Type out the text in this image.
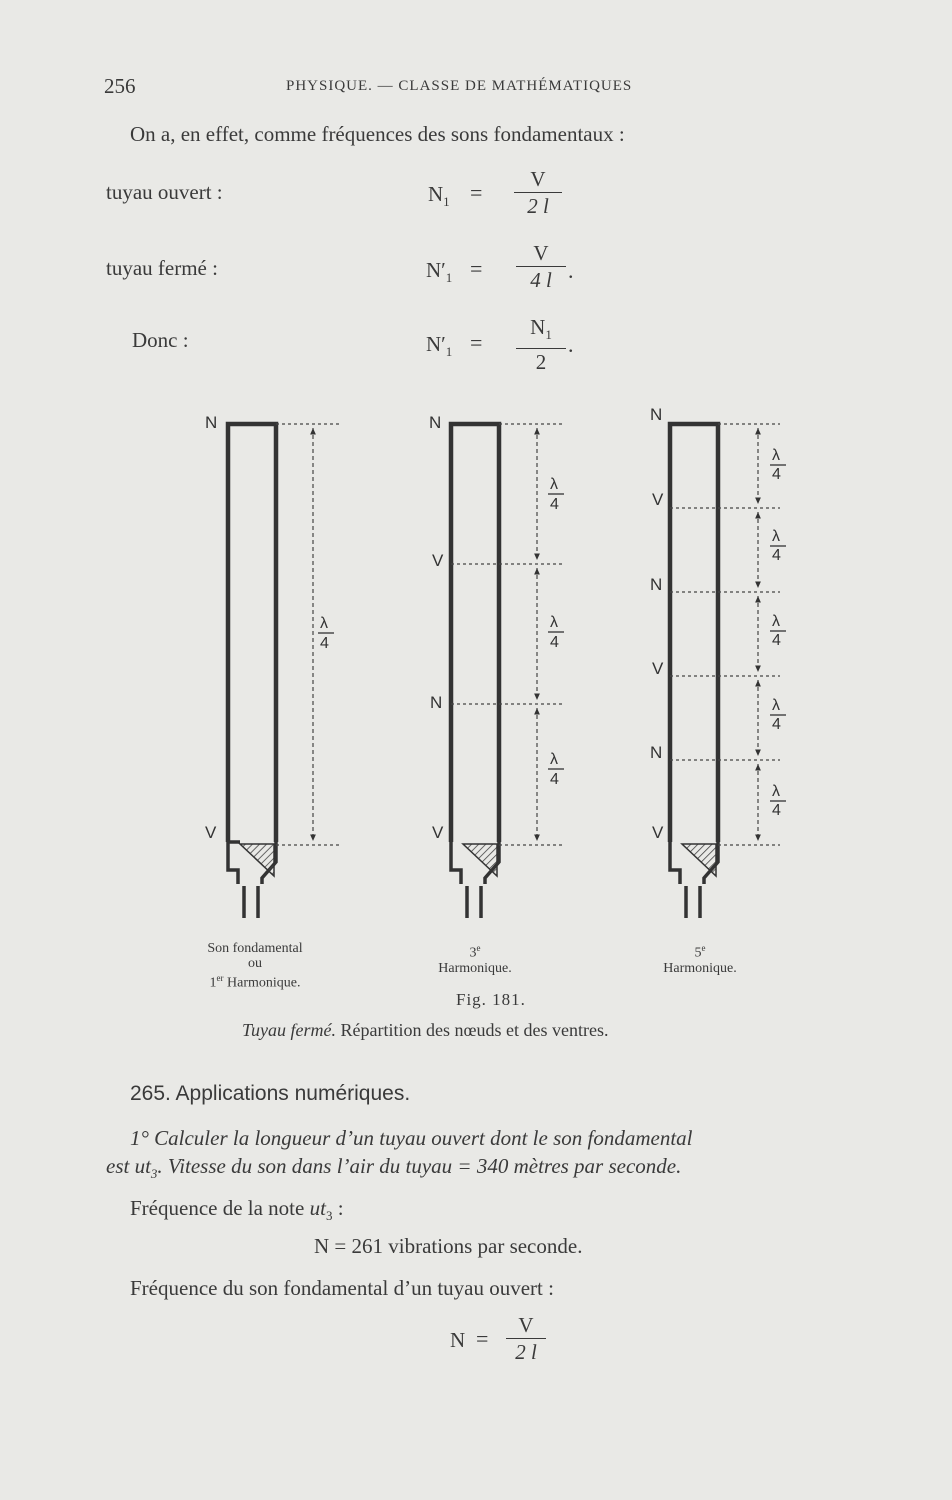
256	PHYSIQUE. — CLASSE DE MATHÉMATIQUES
On a, en effet, comme fréquences des sons fondamentaux :
tuyau ouvert :	$N_1$ =
V
2 l
tuyau fermé :	$N'_1$ =
V
4 l .
Donc :	$N'_1$ =
$N_1$
2
.
N
V
λ
4
N
V
N
V
λ
4
λ
4
λ
4
N
V
N
V
N
V
λ
4
λ
4
λ
4
λ
4
λ
4
Son fondamental
ou
1er Harmonique.
3e
Harmonique.
5e
Harmonique.
Fig. 181.
Tuyau fermé. Répartition des nœuds et des ventres.
265. Applications numériques.
1° Calculer la longueur d’un tuyau ouvert dont le son fondamental
est $ut_3$. Vitesse du son dans l’air du tuyau = 340 mètres par seconde.
Fréquence de la note $ut_3$ :
N = 261 vibrations par seconde.
Fréquence du son fondamental d’un tuyau ouvert :
N =
V
2 l
